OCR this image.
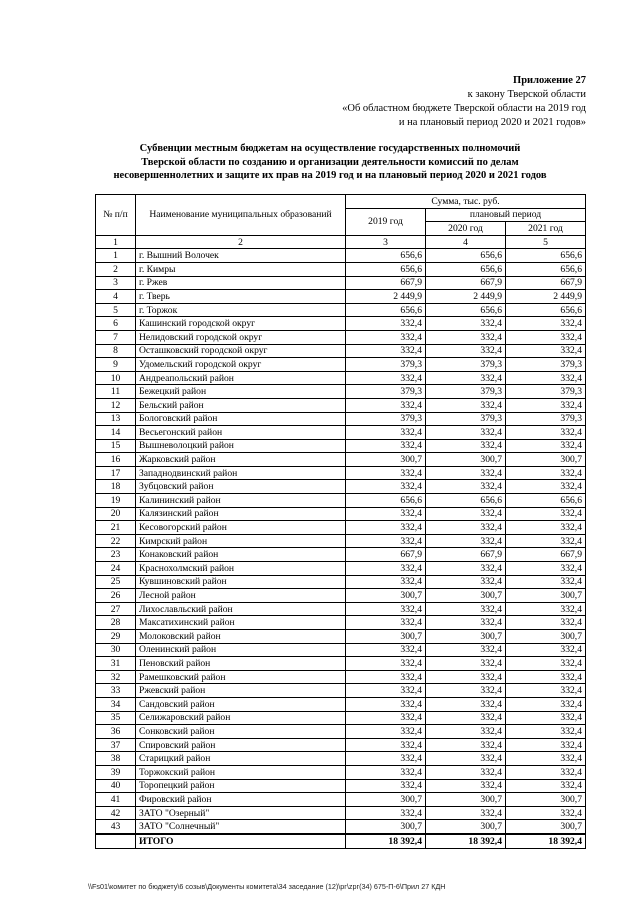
Приложение 27
к закону Тверской области
«Об областном бюджете Тверской области на 2019 год
и на плановый период 2020 и 2021 годов»
Субвенции местным бюджетам на осуществление государственных полномочий
Тверской области по созданию и организации деятельности комиссий по делам
несовершеннолетних и защите их прав на 2019 год и на плановый период 2020 и 2021 годов
№ п/п	Наименование муниципальных образований	Сумма, тыс. руб.		
		2019 год	плановый период	
			2020 год	2021 год
1	2	3	4	5
1	г. Вышний Волочек	656,6	656,6	656,6
2	г. Кимры	656,6	656,6	656,6
3	г. Ржев	667,9	667,9	667,9
4	г. Тверь	2 449,9	2 449,9	2 449,9
5	г. Торжок	656,6	656,6	656,6
6	Кашинский городской округ	332,4	332,4	332,4
7	Нелидовский городской округ	332,4	332,4	332,4
8	Осташковский городской округ	332,4	332,4	332,4
9	Удомельский городской округ	379,3	379,3	379,3
10	Андреапольский район	332,4	332,4	332,4
11	Бежецкий район	379,3	379,3	379,3
12	Бельский район	332,4	332,4	332,4
13	Бологовский район	379,3	379,3	379,3
14	Весьегонский район	332,4	332,4	332,4
15	Вышневолоцкий район	332,4	332,4	332,4
16	Жарковский район	300,7	300,7	300,7
17	Западнодвинский район	332,4	332,4	332,4
18	Зубцовский район	332,4	332,4	332,4
19	Калининский район	656,6	656,6	656,6
20	Калязинский район	332,4	332,4	332,4
21	Кесовогорский район	332,4	332,4	332,4
22	Кимрский район	332,4	332,4	332,4
23	Конаковский район	667,9	667,9	667,9
24	Краснохолмский район	332,4	332,4	332,4
25	Кувшиновский район	332,4	332,4	332,4
26	Лесной район	300,7	300,7	300,7
27	Лихославльский район	332,4	332,4	332,4
28	Максатихинский район	332,4	332,4	332,4
29	Молоковский район	300,7	300,7	300,7
30	Оленинский район	332,4	332,4	332,4
31	Пеновский район	332,4	332,4	332,4
32	Рамешковский район	332,4	332,4	332,4
33	Ржевский район	332,4	332,4	332,4
34	Сандовский район	332,4	332,4	332,4
35	Селижаровский район	332,4	332,4	332,4
36	Сонковский район	332,4	332,4	332,4
37	Спировский район	332,4	332,4	332,4
38	Старицкий район	332,4	332,4	332,4
39	Торжокский район	332,4	332,4	332,4
40	Торопецкий район	332,4	332,4	332,4
41	Фировский район	300,7	300,7	300,7
42	ЗАТО "Озерный"	332,4	332,4	332,4
43	ЗАТО "Солнечный"	300,7	300,7	300,7
	ИТОГО	18 392,4	18 392,4	18 392,4
\\Fs01\комитет по бюджету\6 созыв\Документы комитета\34 заседание (12)\рг\zрг(34) 675-П-6\Прил 27 КДН
